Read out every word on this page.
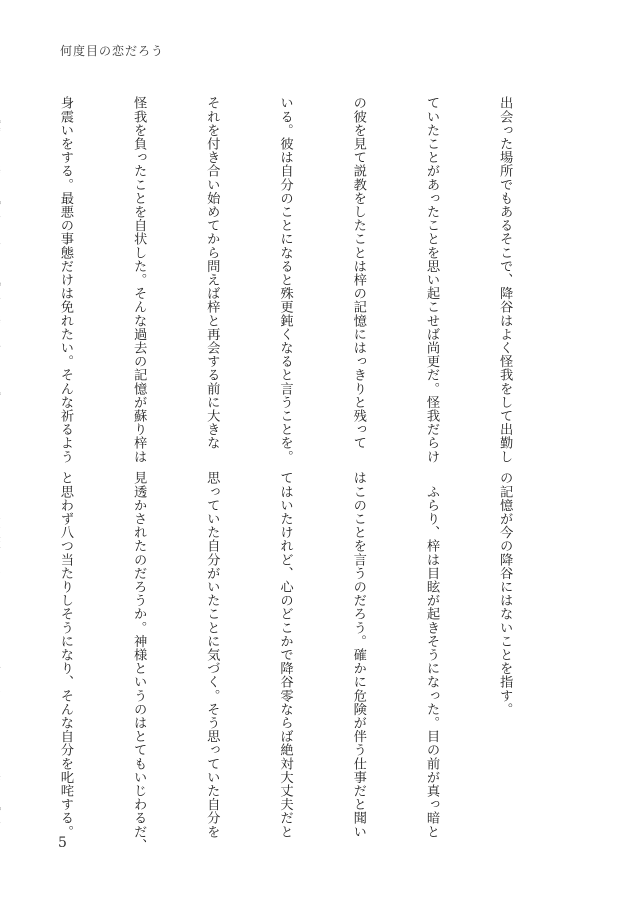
何度目の恋だろう

出会った場所でもあるそこで、降谷はよく怪我をして出勤し

ていたことがあったことを思い起こせば尚更だ。怪我だらけ

の彼を見て説教をしたことは梓の記憶にはっきりと残って

いる。彼は自分のことになると殊更鈍くなると言うことを。

それを付き合い始めてから問えば梓と再会する前に大きな

怪我を負ったことを自状した。そんな過去の記憶が蘇り梓は

身震いをする。最悪の事態だけは免れたい。そんな祈るよう

の記憶が今の降谷にはないことを指す。

　ふらり、梓は目眩が起きそうになった。目の前が真っ暗と

はこのことを言うのだろう。確かに危険が伴う仕事だと聞い

てはいたけれど、心のどこかで降谷零ならば絶対大丈夫だと

思っていた自分がいたことに気づく。そう思っていた自分を

見透かされたのだろうか。神様というのはとてもいじわるだ、

と思わず八つ当たりしそうになり、そんな自分を叱咤する。

5
